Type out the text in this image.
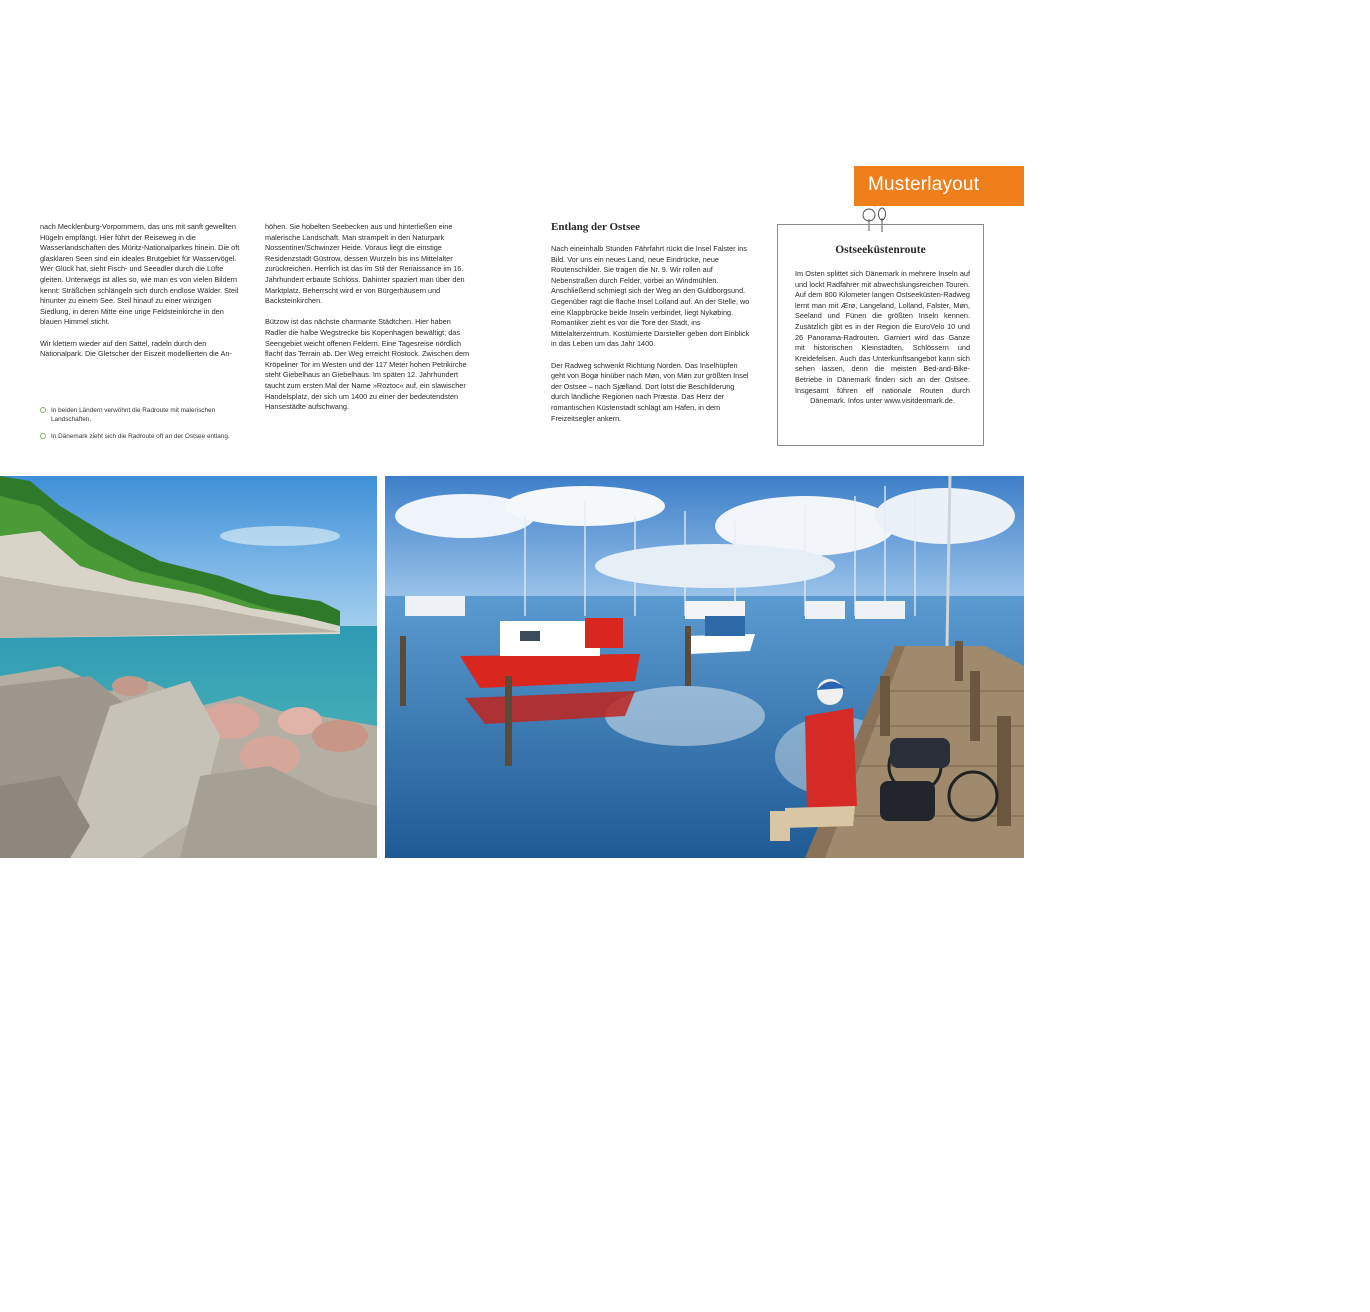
nach Mecklenburg-Vorpommern, das uns mit sanft gewellten Hügeln empfängt. Hier führt der Reiseweg in die Wasserlandschaften des Müritz-Nationalparkes hinein. Die oft glasklaren Seen sind ein ideales Brutgebiet für Wasservögel. Wer Glück hat, sieht Fisch- und Seeadler durch die Lüfte gleiten. Unterwegs ist alles so, wie man es von vielen Bildern kennt: Sträßchen schlängeln sich durch endlose Wälder. Steil hinunter zu einem See. Steil hinauf zu einer winzigen Siedlung, in deren Mitte eine urige Feldsteinkirche in den blauen Himmel sticht.

Wir klettern wieder auf den Sattel, radeln durch den Nationalpark. Die Gletscher der Eiszeit modellierten die An-

In beiden Ländern verwöhnt die Radroute mit malerischen Landschaften.
In Dänemark zieht sich die Radroute oft an der Ostsee entlang.

höhen. Sie hobelten Seebecken aus und hinterließen eine malerische Landschaft. Man strampelt in den Naturpark Nossentiner/Schwinzer Heide. Voraus liegt die einstige Residenzstadt Güstrow, dessen Wurzeln bis ins Mittelalter zurückreichen. Herrlich ist das im Stil der Renaissance im 16. Jahrhundert erbaute Schloss. Dahinter spaziert man über den Marktplatz. Beherrscht wird er von Bürgerhäusern und Backsteinkirchen.

Bützow ist das nächste charmante Städtchen. Hier haben Radler die halbe Wegstrecke bis Kopenhagen bewältigt; das Seengebiet weicht offenen Feldern. Eine Tagesreise nördlich flacht das Terrain ab. Der Weg erreicht Rostock. Zwischen dem Kröpeliner Tor im Westen und der 117 Meter hohen Petrikirche steht Giebelhaus an Giebelhaus. Im späten 12. Jahrhundert taucht zum ersten Mal der Name »Roztoc« auf, ein slawischer Handelsplatz, der sich um 1400 zu einer der bedeutendsten Hansestädte aufschwang.

Entlang der Ostsee

Nach eineinhalb Stunden Fährfahrt rückt die Insel Falster ins Bild. Vor uns ein neues Land, neue Eindrücke, neue Routenschilder. Sie tragen die Nr. 9. Wir rollen auf Nebenstraßen durch Felder, vorbei an Windmühlen. Anschließend schmiegt sich der Weg an den Guldborgsund. Gegenüber ragt die flache Insel Lolland auf. An der Stelle, wo eine Klappbrücke beide Inseln verbindet, liegt Nykøbing. Romantiker zieht es vor die Tore der Stadt, ins Mittelalterzentrum. Kostümierte Darsteller geben dort Einblick in das Leben um das Jahr 1400.

Der Radweg schwenkt Richtung Norden. Das Inselhüpfen geht von Bogø hinüber nach Møn, von Møn zur größten Insel der Ostsee – nach Sjælland. Dort lotst die Beschilderung durch ländliche Regionen nach Præstø. Das Herz der romantischen Küstenstadt schlägt am Hafen, in dem Freizeitsegler ankern.

Musterlayout
Ostseeküstenroute
Im Osten splittet sich Dänemark in mehrere Inseln auf und lockt Radfahrer mit abwechslungsreichen Touren. Auf dem 800 Kilometer langen Ostseeküsten-Radweg lernt man mit Ærø, Langeland, Lolland, Falster, Møn, Seeland und Fünen die größten Inseln kennen. Zusätzlich gibt es in der Region die EuroVelo 10 und 26 Panorama-Radrouten. Garniert wird das Ganze mit historischen Kleinstädten, Schlössern und Kreidefelsen. Auch das Unterkunftsangebot kann sich sehen lassen, denn die meisten Bed-and-Bike-Betriebe in Dänemark finden sich an der Ostsee. Insgesamt führen elf nationale Routen durch Dänemark. Infos unter www.visitdenmark.de.
68	69
